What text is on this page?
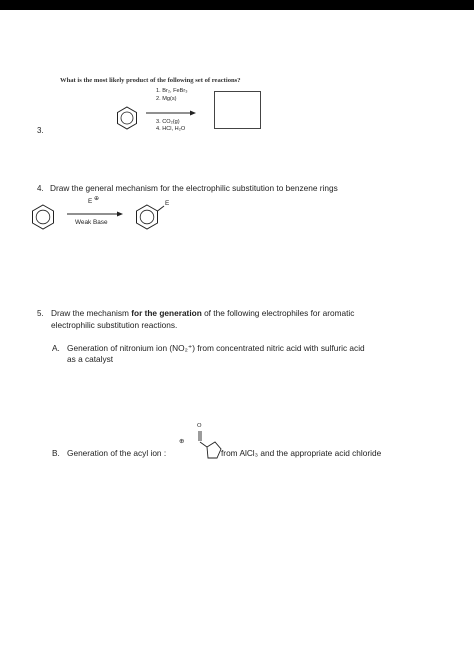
What is the most likely product of the following set of reactions?
1. Br₂, FeBr₃
2. Mg(s)
3. CO₂(g)
4. HCl, H₂O
3.
4. Draw the general mechanism for the electrophilic substitution to benzene rings
E ⊕
Weak Base
E
5. Draw the mechanism for the generation of the following electrophiles for aromatic
electrophilic substitution reactions.
A. Generation of nitronium ion (NO₂⁺) from concentrated nitric acid with sulfuric acid
as a catalyst
B. Generation of the acyl ion :
O
⊕
from AlCl₃ and the appropriate acid chloride
